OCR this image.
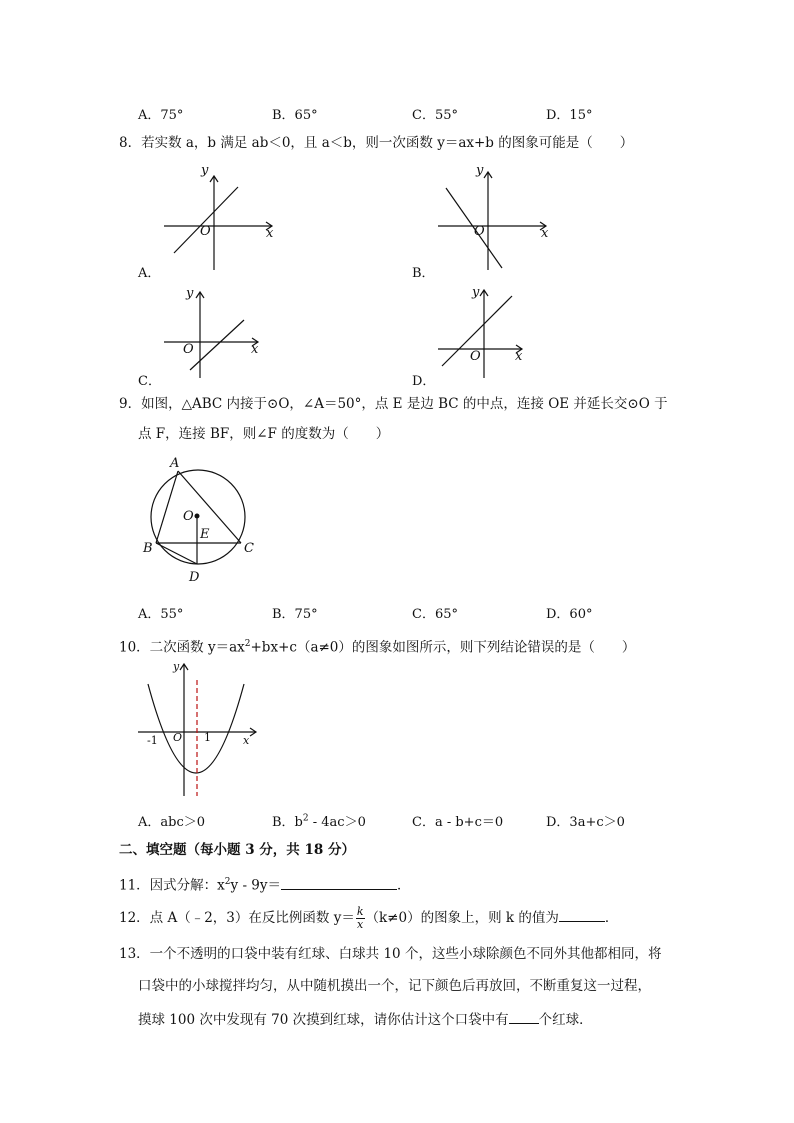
A．75°	B．65°	C．55°	D．15°
8．若实数 a，b 满足 ab＜0，且 a＜b，则一次函数 y＝ax+b 的图象可能是（　　）
y
x
O
A．
y
x
O
B．
y
x
O
C．
y
x
O
D．
9．如图，△ABC 内接于⊙O，∠A＝50°，点 E 是边 BC 的中点，连接 OE 并延长交⊙O 于
点 F，连接 BF，则∠F 的度数为（　　）
A
O
E
B	C
D
A．55°	B．75°	C．65°	D．60°
10．二次函数 $y=ax^2+bx+c(a\ne 0)$的图象如图所示，则下列结论错误的是（　　）
y
x
-1 O 1
A．abc＞0	B．$b^2 - 4ac>0$	C．a - b+c＝0	D．3a+c＞0
二、填空题（每小题 3 分，共 18 分）
11．因式分解：$x^2y - 9y=$	．
12．点 A（﹣2，3）在反比例函数 $y= \frac{k}{x} (k\ne 0)$的图象上，则 k 的值为	．
13．一个不透明的口袋中装有红球、白球共 10 个，这些小球除颜色不同外其他都相同，将
口袋中的小球搅拌均匀，从中随机摸出一个，记下颜色后再放回，不断重复这一过程，
摸球 100 次中发现有 70 次摸到红球，请你估计这个口袋中有 个红球．
